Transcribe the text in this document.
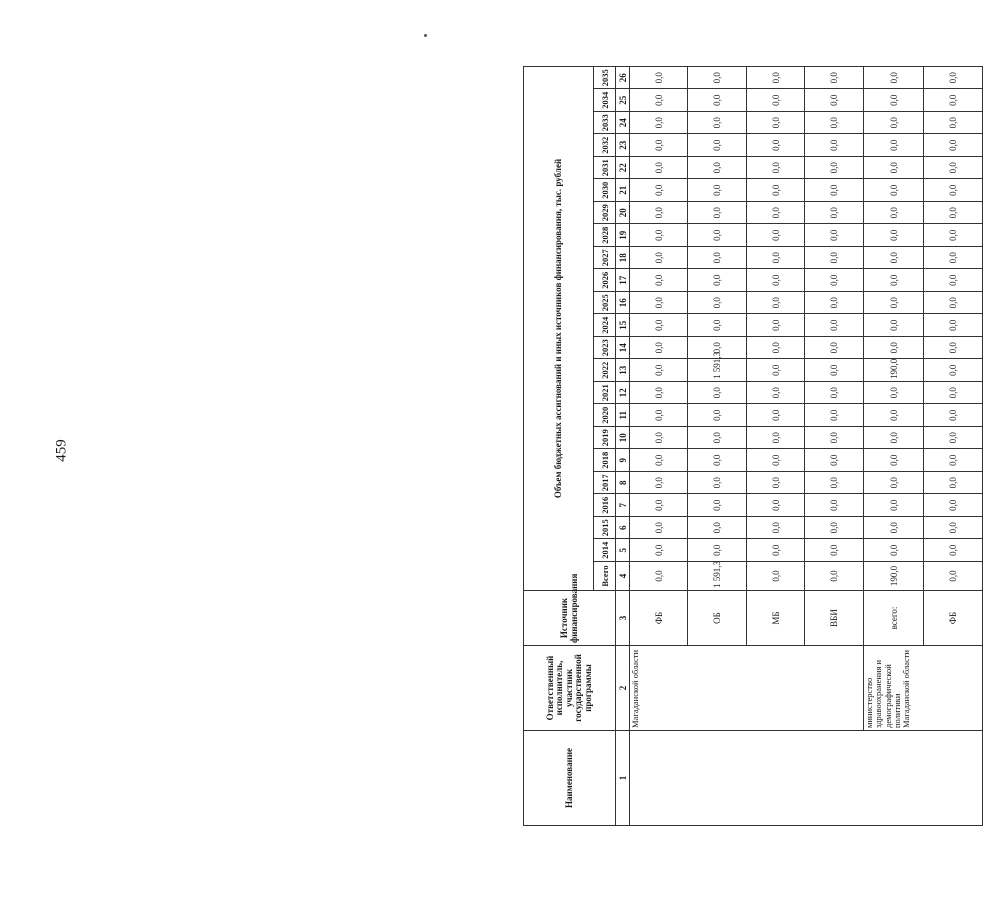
459
Наименование	Ответственный исполнитель, участник государственной программы	Источник финансирования	Объем бюджетных ассигнований и иных источников финансирования, тыс. рублей																						
			Всего	2014	2015	2016	2017	2018	2019	2020	2021	2022	2023	2024	2025	2026	2027	2028	2029	2030	2031	2032	2033	2034	2035
1	2	3	4	5	6	7	8	9	10	11	12	13	14	15	16	17	18	19	20	21	22	23	24	25	26
	Магаданской области	ФБ	0,0	0,0	0,0	0,0	0,0	0,0	0,0	0,0	0,0	0,0	0,0	0,0	0,0	0,0	0,0	0,0	0,0	0,0	0,0	0,0	0,0	0,0	0,0
		ОБ	1 591,3	0,0	0,0	0,0	0,0	0,0	0,0	0,0	0,0	1 591,3	0,0	0,0	0,0	0,0	0,0	0,0	0,0	0,0	0,0	0,0	0,0	0,0	0,0
		МБ	0,0	0,0	0,0	0,0	0,0	0,0	0,0	0,0	0,0	0,0	0,0	0,0	0,0	0,0	0,0	0,0	0,0	0,0	0,0	0,0	0,0	0,0	0,0
		ВБИ	0,0	0,0	0,0	0,0	0,0	0,0	0,0	0,0	0,0	0,0	0,0	0,0	0,0	0,0	0,0	0,0	0,0	0,0	0,0	0,0	0,0	0,0	0,0
	министерство здравоохранения и демографической политики Магаданской области	всего:	190,0	0,0	0,0	0,0	0,0	0,0	0,0	0,0	0,0	190,0	0,0	0,0	0,0	0,0	0,0	0,0	0,0	0,0	0,0	0,0	0,0	0,0	0,0
		ФБ	0,0	0,0	0,0	0,0	0,0	0,0	0,0	0,0	0,0	0,0	0,0	0,0	0,0	0,0	0,0	0,0	0,0	0,0	0,0	0,0	0,0	0,0	0,0
